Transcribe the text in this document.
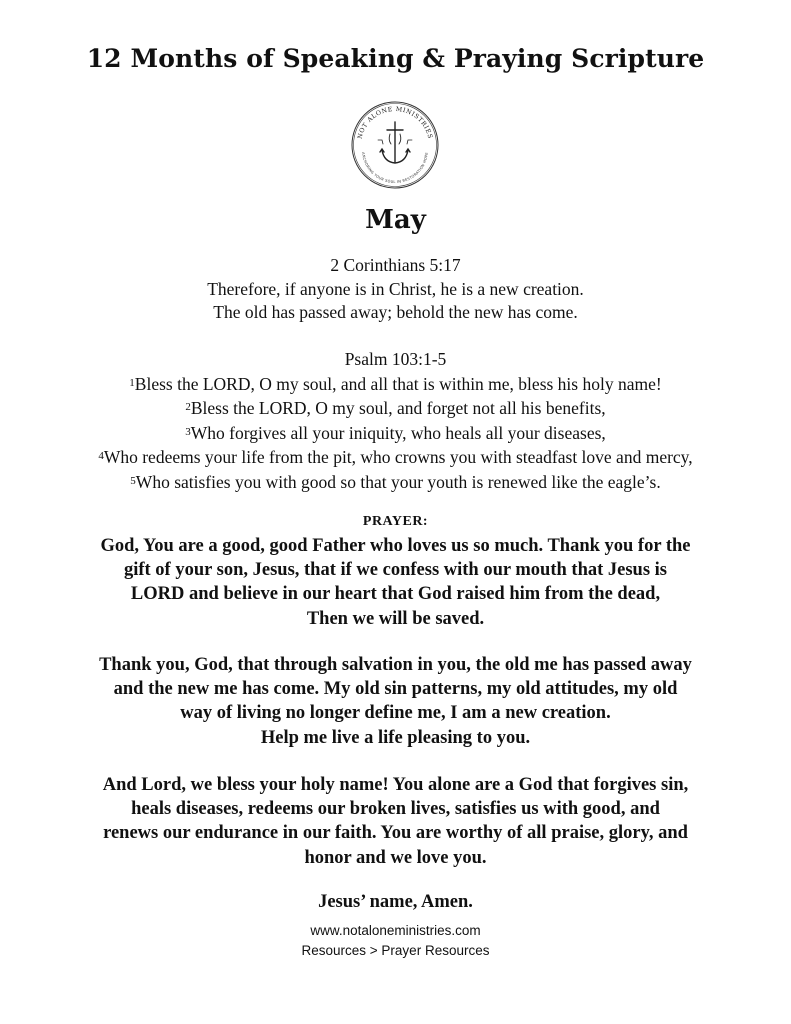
12 Months of Speaking & Praying Scripture
NOT ALONE MINISTRIES
ANCHORING YOUR SOUL IN RESTORATION HOPE
May
2 Corinthians 5:17
Therefore, if anyone is in Christ, he is a new creation.
The old has passed away; behold the new has come.
Psalm 103:1-5
$^1$Bless the LORD, O my soul, and all that is within me, bless his holy name!
$^2$Bless the LORD, O my soul, and forget not all his benefits,
$^3$Who forgives all your iniquity, who heals all your diseases,
$^4$Who redeems your life from the pit, who crowns you with steadfast love and mercy,
$^5$Who satisfies you with good so that your youth is renewed like the eagle’s.
PRAYER:
God, You are a good, good Father who loves us so much. Thank you for the
gift of your son, Jesus, that if we confess with our mouth that Jesus is
LORD and believe in our heart that God raised him from the dead,
Then we will be saved.
Thank you, God, that through salvation in you, the old me has passed away
and the new me has come. My old sin patterns, my old attitudes, my old
way of living no longer define me, I am a new creation.
Help me live a life pleasing to you.
And Lord, we bless your holy name! You alone are a God that forgives sin,
heals diseases, redeems our broken lives, satisfies us with good, and
renews our endurance in our faith. You are worthy of all praise, glory, and
honor and we love you.
Jesus’ name, Amen.
www.notaloneministries.com
Resources > Prayer Resources
